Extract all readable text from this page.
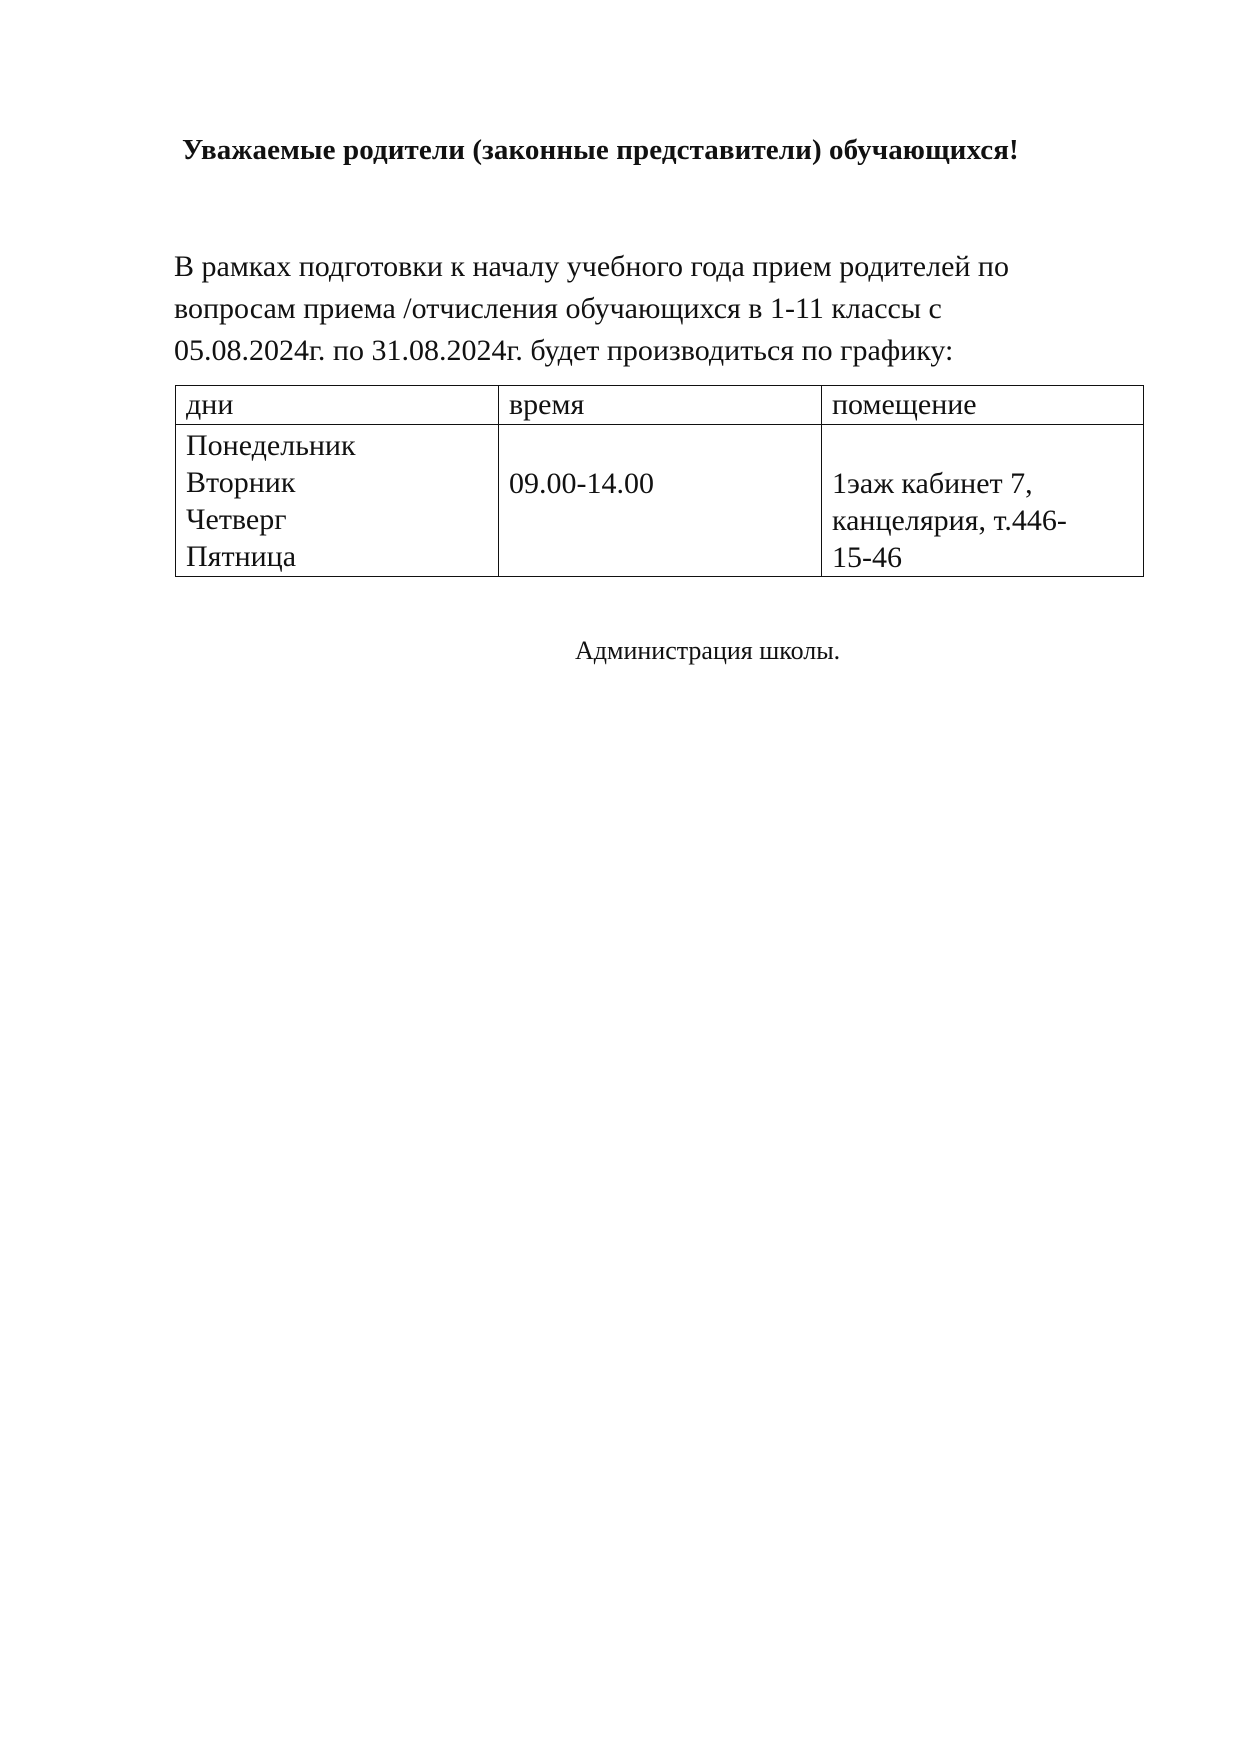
Уважаемые родители (законные представители) обучающихся!
В рамках подготовки к началу учебного года прием родителей по
вопросам приема /отчисления обучающихся в 1-11 классы с
05.08.2024г. по 31.08.2024г. будет производиться по графику:
дни	время	помещение

Понедельник
Вторник
Четверг
Пятница	09.00-14.00	1эаж кабинет 7,
канцелярия, т.446-
15-46
Администрация школы.
